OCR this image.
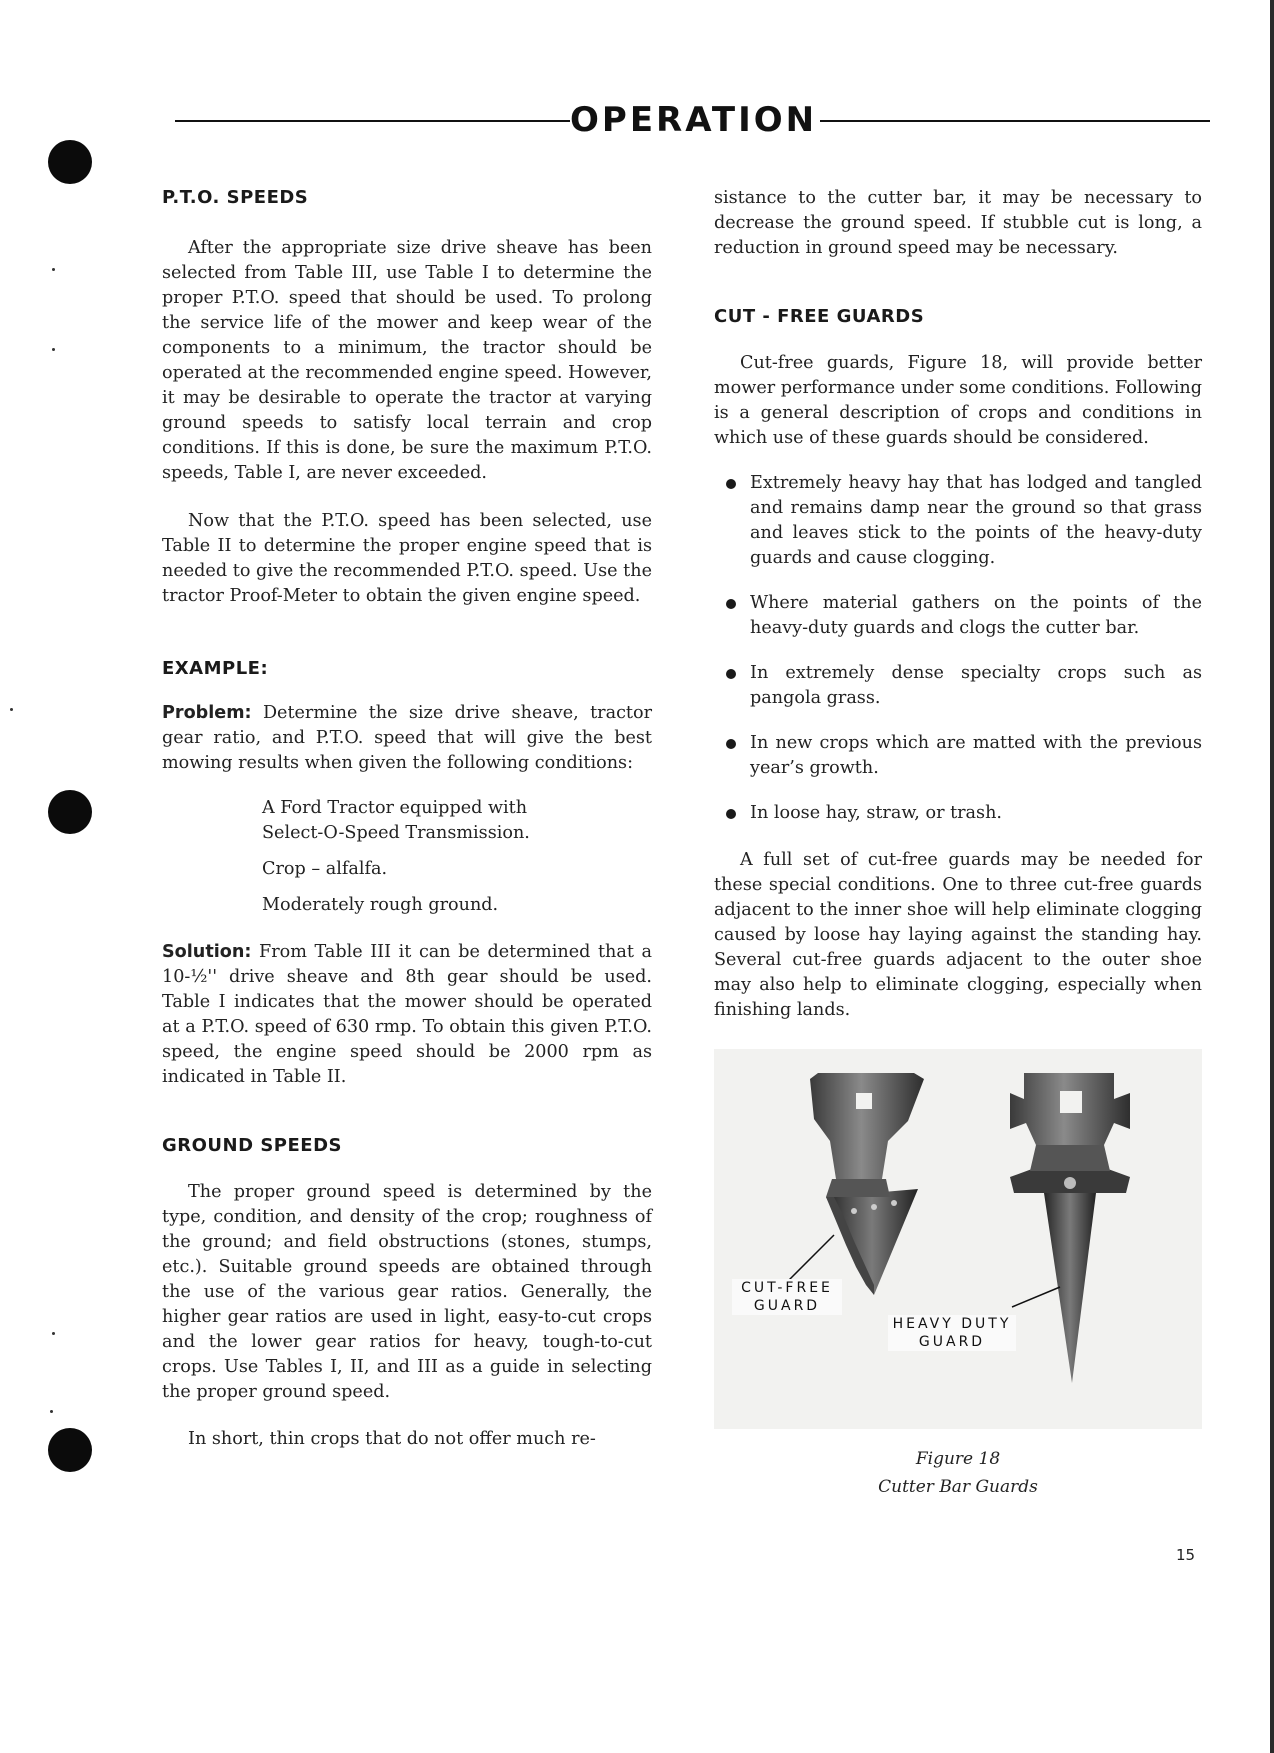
OPERATION
P.T.O. SPEEDS

After the appropriate size drive sheave has been selected from Table III, use Table I to determine the proper P.T.O. speed that should be used. To prolong the service life of the mower and keep wear of the components to a minimum, the tractor should be operated at the recommended engine speed. However, it may be desirable to operate the tractor at varying ground speeds to satisfy local terrain and crop conditions. If this is done, be sure the maximum P.T.O. speeds, Table I, are never exceeded.

Now that the P.T.O. speed has been selected, use Table II to determine the proper engine speed that is needed to give the recommended P.T.O. speed. Use the tractor Proof-Meter to obtain the given engine speed.

EXAMPLE:

Problem: Determine the size drive sheave, tractor gear ratio, and P.T.O. speed that will give the best mowing results when given the following conditions:

A Ford Tractor equipped with
Select-O-Speed Transmission.
Crop – alfalfa.
Moderately rough ground.

Solution: From Table III it can be determined that a 10-½'' drive sheave and 8th gear should be used. Table I indicates that the mower should be operated at a P.T.O. speed of 630 rmp. To obtain this given P.T.O. speed, the engine speed should be 2000 rpm as indicated in Table II.

GROUND SPEEDS

The proper ground speed is determined by the type, condition, and density of the crop; roughness of the ground; and field obstructions (stones, stumps, etc.). Suitable ground speeds are obtained through the use of the various gear ratios. Generally, the higher gear ratios are used in light, easy-to-cut crops and the lower gear ratios for heavy, tough-to-cut crops. Use Tables I, II, and III as a guide in selecting the proper ground speed.

In short, thin crops that do not offer much re-

sistance to the cutter bar, it may be necessary to decrease the ground speed. If stubble cut is long, a reduction in ground speed may be necessary.

CUT - FREE GUARDS

Cut-free guards, Figure 18, will provide better mower performance under some conditions. Following is a general description of crops and conditions in which use of these guards should be considered.

Extremely heavy hay that has lodged and tangled and remains damp near the ground so that grass and leaves stick to the points of the heavy-duty guards and cause clogging.
Where material gathers on the points of the heavy-duty guards and clogs the cutter bar.
In extremely dense specialty crops such as pangola grass.
In new crops which are matted with the previous year’s growth.
In loose hay, straw, or trash.

A full set of cut-free guards may be needed for these special conditions. One to three cut-free guards adjacent to the inner shoe will help eliminate clogging caused by loose hay laying against the standing hay. Several cut-free guards adjacent to the outer shoe may also help to eliminate clogging, especially when finishing lands.

CUT-FREE
GUARD
HEAVY DUTY
GUARD
Figure 18
Cutter Bar Guards
15
